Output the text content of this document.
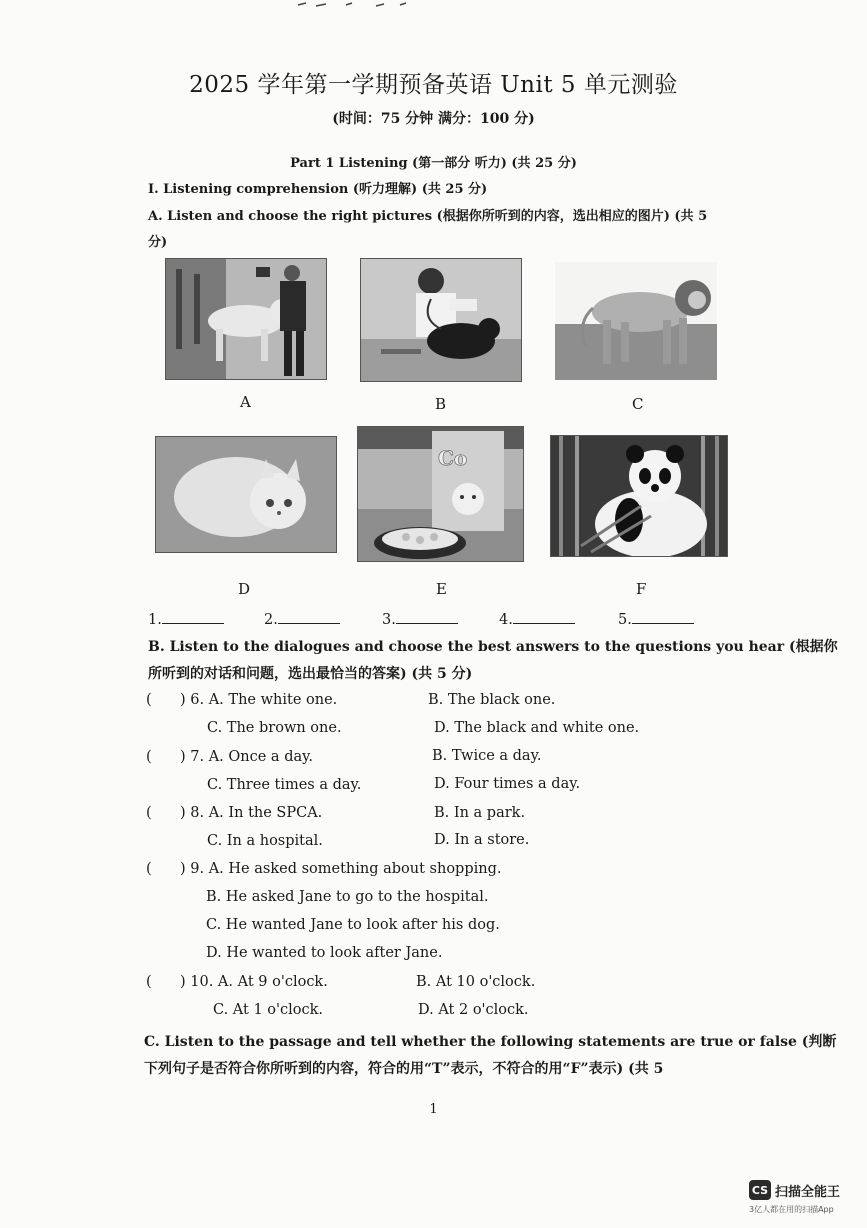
2025 学年第一学期预备英语 Unit 5 单元测验
(时间：75 分钟 满分：100 分)
Part 1 Listening (第一部分 听力) (共 25 分)
I. Listening comprehension (听力理解) (共 25 分)
A. Listen and choose the right pictures (根据你所听到的内容，选出相应的图片) (共 5
分)
A	B	C
D
Co
E	F
1.	2.	3.	4.	5.
B. Listen to the dialogues and choose the best answers to the questions you hear (根据你
所听到的对话和问题，选出最恰当的答案) (共 5 分)
(	) 6. A. The white one.	B. The black one.
C. The brown one.	D. The black and white one.
(	) 7. A. Once a day.	B. Twice a day.
C. Three times a day.	D. Four times a day.
(	) 8. A. In the SPCA.	B. In a park.
C. In a hospital.	D. In a store.
(	) 9. A. He asked something about shopping.
B. He asked Jane to go to the hospital.
C. He wanted Jane to look after his dog.
D. He wanted to look after Jane.
(	) 10. A. At 9 o'clock.	B. At 10 o'clock.
C. At 1 o'clock.	D. At 2 o'clock.
C. Listen to the passage and tell whether the following statements are true or false (判断
下列句子是否符合你所听到的内容，符合的用“T”表示，不符合的用“F”表示) (共 5
1
CS 扫描全能王
3亿人都在用的扫描App
